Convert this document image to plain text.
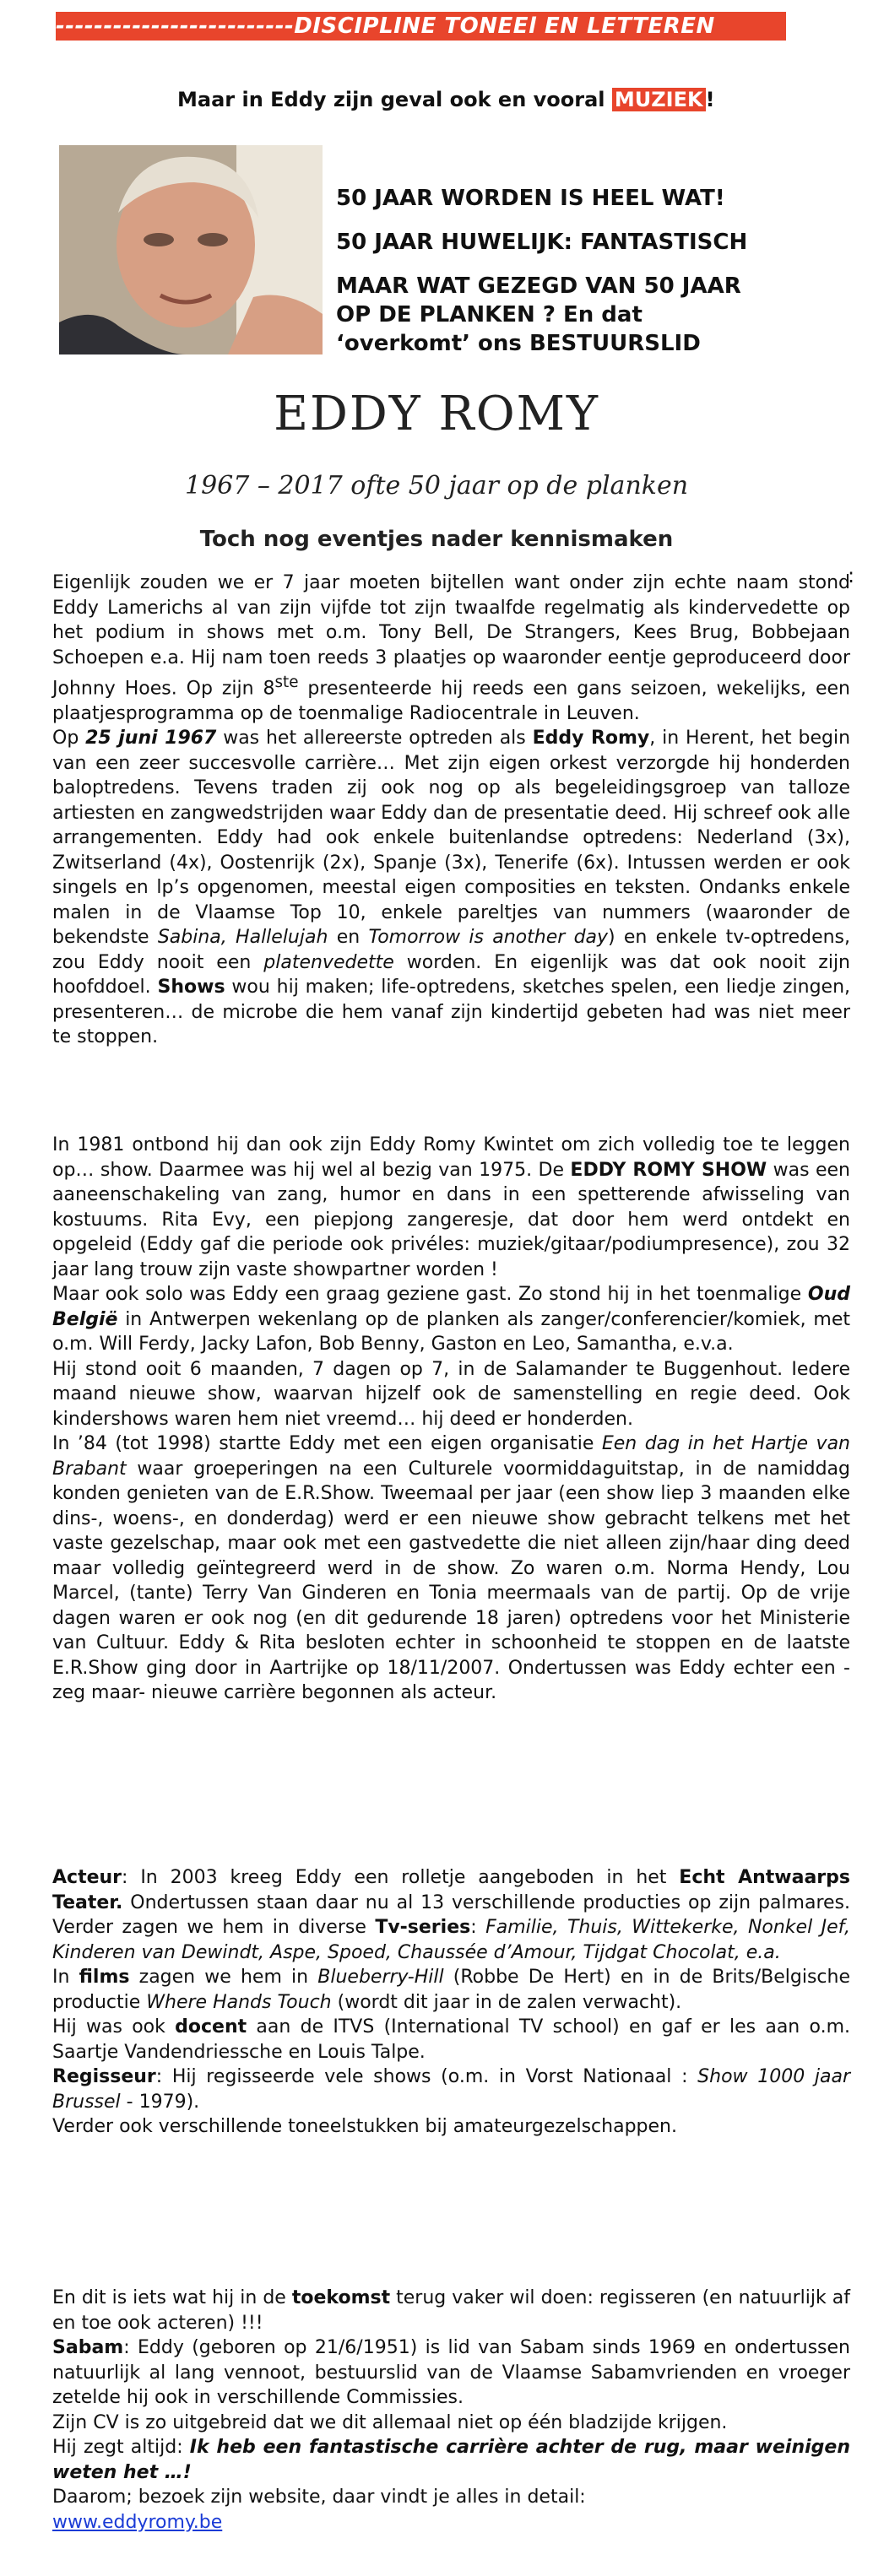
-------------------------DISCIPLINE TONEEl EN LETTEREN
Maar in Eddy zijn geval ook en vooral MUZIEK !
50 JAAR WORDEN IS HEEL WAT!
50 JAAR HUWELIJK: FANTASTISCH
MAAR WAT GEZEGD VAN 50 JAAR
OP DE PLANKEN ? En dat
‘overkomt’ ons BESTUURSLID
EDDY ROMY
1967 – 2017 ofte 50 jaar op de planken
Toch nog eventjes nader kennismaken
:

Eigenlijk zouden we er 7 jaar moeten bijtellen want onder zijn echte naam stond Eddy Lamerichs al van zijn vijfde tot zijn twaalfde regelmatig als kindervedette op het podium in shows met o.m. Tony Bell, De Strangers, Kees Brug, Bobbejaan Schoepen e.a. Hij nam toen reeds 3 plaatjes op waaronder eentje geproduceerd door Johnny Hoes. Op zijn 8ste presenteerde hij reeds een gans seizoen, wekelijks, een plaatjesprogramma op de toenmalige Radiocentrale in Leuven.

Op 25 juni 1967 was het allereerste optreden als Eddy Romy, in Herent, het begin van een zeer succesvolle carrière… Met zijn eigen orkest verzorgde hij honderden baloptredens. Tevens traden zij ook nog op als begeleidingsgroep van talloze artiesten en zangwedstrijden waar Eddy dan de presentatie deed. Hij schreef ook alle arrangementen. Eddy had ook enkele buitenlandse optredens: Nederland (3x), Zwitserland (4x), Oostenrijk (2x), Spanje (3x), Tenerife (6x). Intussen werden er ook singels en lp’s opgenomen, meestal eigen composities en teksten. Ondanks enkele malen in de Vlaamse Top 10, enkele pareltjes van nummers (waaronder de bekendste Sabina, Hallelujah en Tomorrow is another day) en enkele tv-optredens, zou Eddy nooit een platenvedette worden. En eigenlijk was dat ook nooit zijn hoofddoel. Shows wou hij maken; life-optredens, sketches spelen, een liedje zingen, presenteren… de microbe die hem vanaf zijn kindertijd gebeten had was niet meer te stoppen.

In 1981 ontbond hij dan ook zijn Eddy Romy Kwintet om zich volledig toe te leggen op… show. Daarmee was hij wel al bezig van 1975. De EDDY ROMY SHOW was een aaneenschakeling van zang, humor en dans in een spetterende afwisseling van kostuums. Rita Evy, een piepjong zangeresje, dat door hem werd ontdekt en opgeleid (Eddy gaf die periode ook privéles: muziek/gitaar/podiumpresence), zou 32 jaar lang trouw zijn vaste showpartner worden !

Maar ook solo was Eddy een graag geziene gast. Zo stond hij in het toenmalige Oud België in Antwerpen wekenlang op de planken als zanger/conferencier/komiek, met o.m. Will Ferdy, Jacky Lafon, Bob Benny, Gaston en Leo, Samantha, e.v.a.

Hij stond ooit 6 maanden, 7 dagen op 7, in de Salamander te Buggenhout. Iedere maand nieuwe show, waarvan hijzelf ook de samenstelling en regie deed. Ook kindershows waren hem niet vreemd… hij deed er honderden.

In ’84 (tot 1998) startte Eddy met een eigen organisatie Een dag in het Hartje van Brabant waar groeperingen na een Culturele voormiddaguitstap, in de namiddag konden genieten van de E.R.Show. Tweemaal per jaar (een show liep 3 maanden elke dins-, woens-, en donderdag) werd er een nieuwe show gebracht telkens met het vaste gezelschap, maar ook met een gastvedette die niet alleen zijn/haar ding deed maar volledig geïntegreerd werd in de show. Zo waren o.m. Norma Hendy, Lou Marcel, (tante) Terry Van Ginderen en Tonia meermaals van de partij. Op de vrije dagen waren er ook nog (en dit gedurende 18 jaren) optredens voor het Ministerie van Cultuur. Eddy & Rita besloten echter in schoonheid te stoppen en de laatste E.R.Show ging door in Aartrijke op 18/11/2007. Ondertussen was Eddy echter een -zeg maar- nieuwe carrière begonnen als acteur.

Acteur: In 2003 kreeg Eddy een rolletje aangeboden in het Echt Antwaarps Teater. Ondertussen staan daar nu al 13 verschillende producties op zijn palmares. Verder zagen we hem in diverse Tv-series: Familie, Thuis, Wittekerke, Nonkel Jef, Kinderen van Dewindt, Aspe, Spoed, Chaussée d’Amour, Tijdgat Chocolat, e.a.

In films zagen we hem in Blueberry-Hill (Robbe De Hert) en in de Brits/Belgische productie Where Hands Touch (wordt dit jaar in de zalen verwacht).

Hij was ook docent aan de ITVS (International TV school) en gaf er les aan o.m. Saartje Vandendriessche en Louis Talpe.

Regisseur: Hij regisseerde vele shows (o.m. in Vorst Nationaal : Show 1000 jaar Brussel - 1979).

Verder ook verschillende toneelstukken bij amateurgezelschappen.

En dit is iets wat hij in de toekomst terug vaker wil doen: regisseren (en natuurlijk af en toe ook acteren) !!!

Sabam: Eddy (geboren op 21/6/1951) is lid van Sabam sinds 1969 en ondertussen natuurlijk al lang vennoot, bestuurslid van de Vlaamse Sabamvrienden en vroeger zetelde hij ook in verschillende Commissies.

Zijn CV is zo uitgebreid dat we dit allemaal niet op één bladzijde krijgen.

Hij zegt altijd: Ik heb een fantastische carrière achter de rug, maar weinigen weten het …!

Daarom; bezoek zijn website, daar vindt je alles in detail:

www.eddyromy.be
